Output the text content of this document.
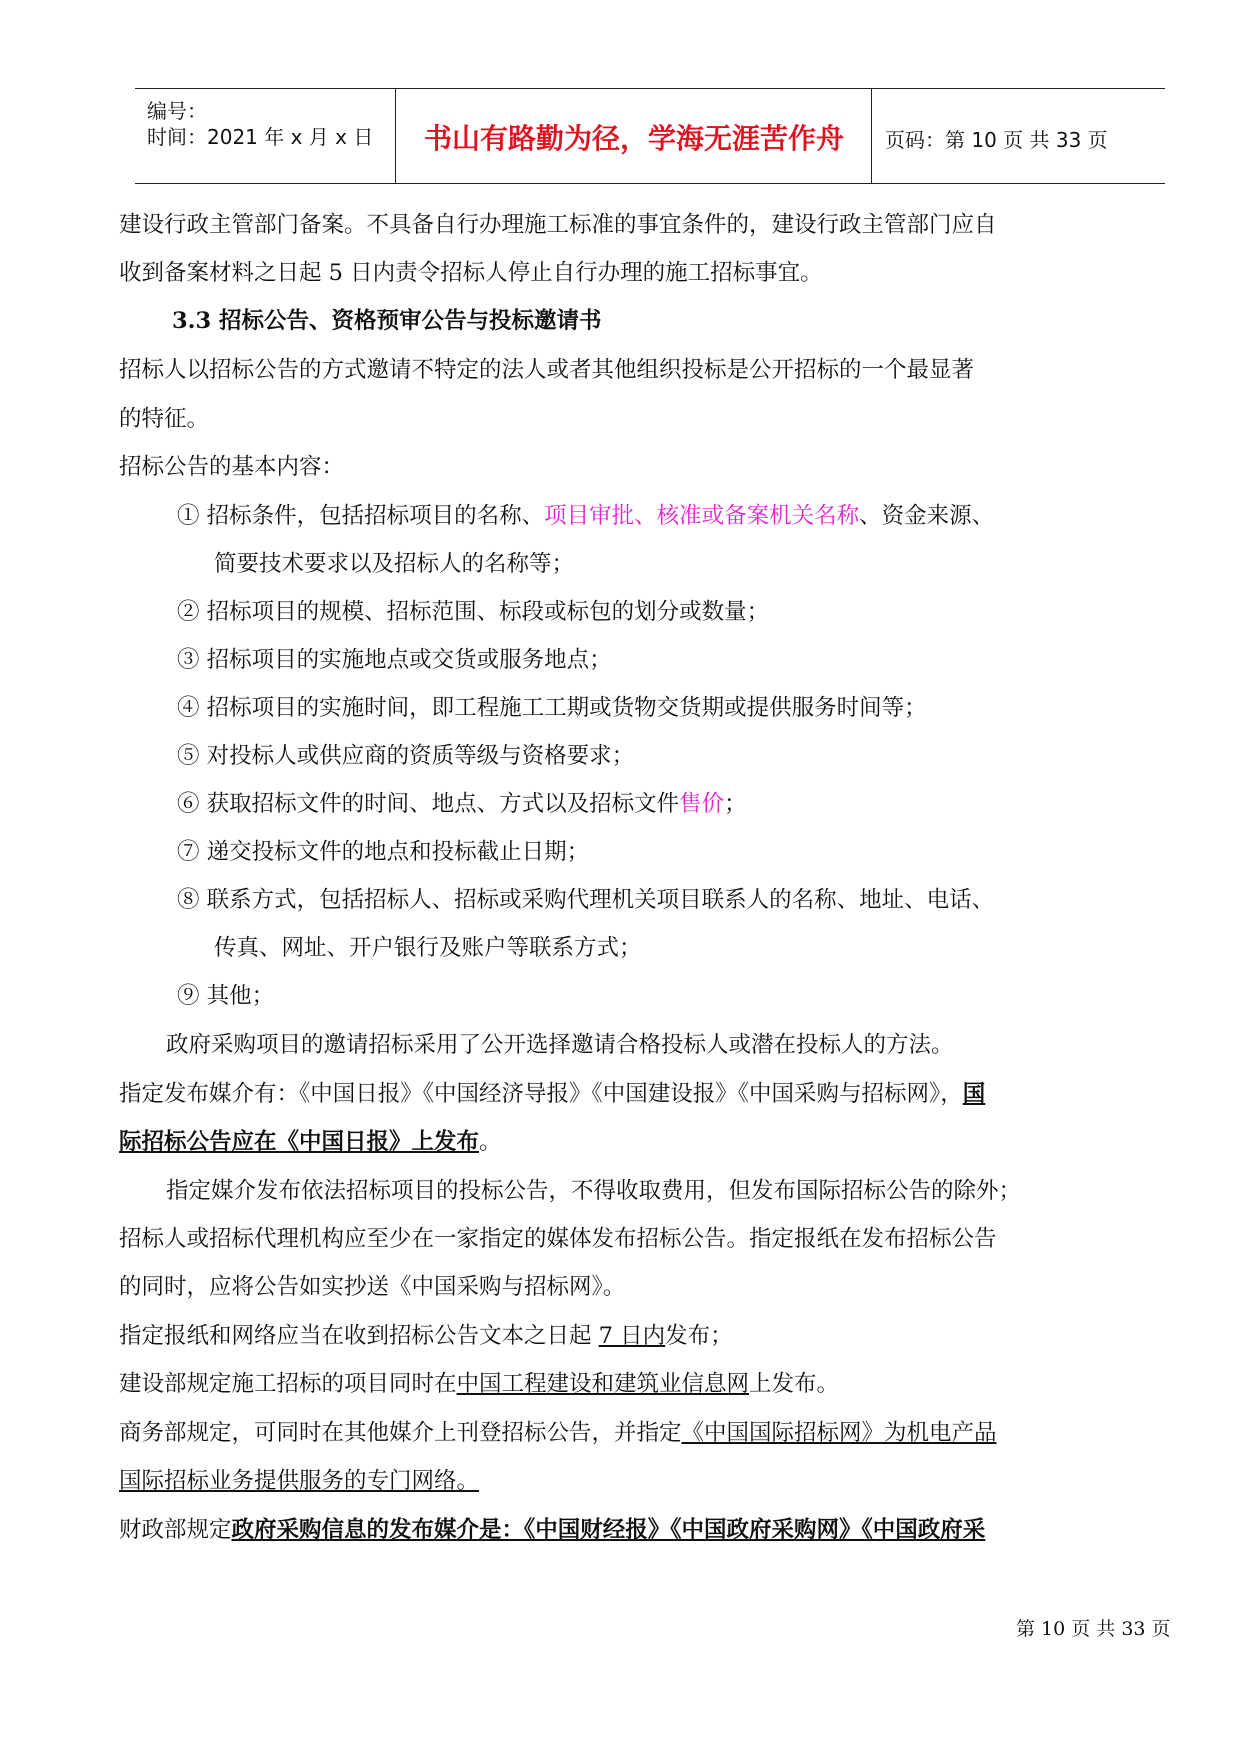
编号：
时间：2021 年 x 月 x 日	书山有路勤为径，学海无涯苦作舟	页码：第 10 页 共 33 页
建设行政主管部门备案。不具备自行办理施工标准的事宜条件的，建设行政主管部门应自
收到备案材料之日起 5 日内责令招标人停止自行办理的施工招标事宜。
3.3 招标公告、资格预审公告与投标邀请书
招标人以招标公告的方式邀请不特定的法人或者其他组织投标是公开招标的一个最显著
的特征。
招标公告的基本内容：
① 招标条件，包括招标项目的名称、项目审批、核准或备案机关名称、资金来源、
简要技术要求以及招标人的名称等；
② 招标项目的规模、招标范围、标段或标包的划分或数量；
③ 招标项目的实施地点或交货或服务地点；
④ 招标项目的实施时间，即工程施工工期或货物交货期或提供服务时间等；
⑤ 对投标人或供应商的资质等级与资格要求；
⑥ 获取招标文件的时间、地点、方式以及招标文件售价；
⑦ 递交投标文件的地点和投标截止日期；
⑧ 联系方式，包括招标人、招标或采购代理机关项目联系人的名称、地址、电话、
传真、网址、开户银行及账户等联系方式；
⑨ 其他；
政府采购项目的邀请招标采用了公开选择邀请合格投标人或潜在投标人的方法。
指定发布媒介有：《中国日报》《中国经济导报》《中国建设报》《中国采购与招标网》，国
际招标公告应在《中国日报》上发布。
指定媒介发布依法招标项目的投标公告，不得收取费用，但发布国际招标公告的除外；
招标人或招标代理机构应至少在一家指定的媒体发布招标公告。指定报纸在发布招标公告
的同时，应将公告如实抄送《中国采购与招标网》。
指定报纸和网络应当在收到招标公告文本之日起 7 日内发布；
建设部规定施工招标的项目同时在中国工程建设和建筑业信息网上发布。
商务部规定，可同时在其他媒介上刊登招标公告，并指定《中国国际招标网》为机电产品
国际招标业务提供服务的专门网络。
财政部规定政府采购信息的发布媒介是：《中国财经报》《中国政府采购网》《中国政府采
第 10 页 共 33 页
